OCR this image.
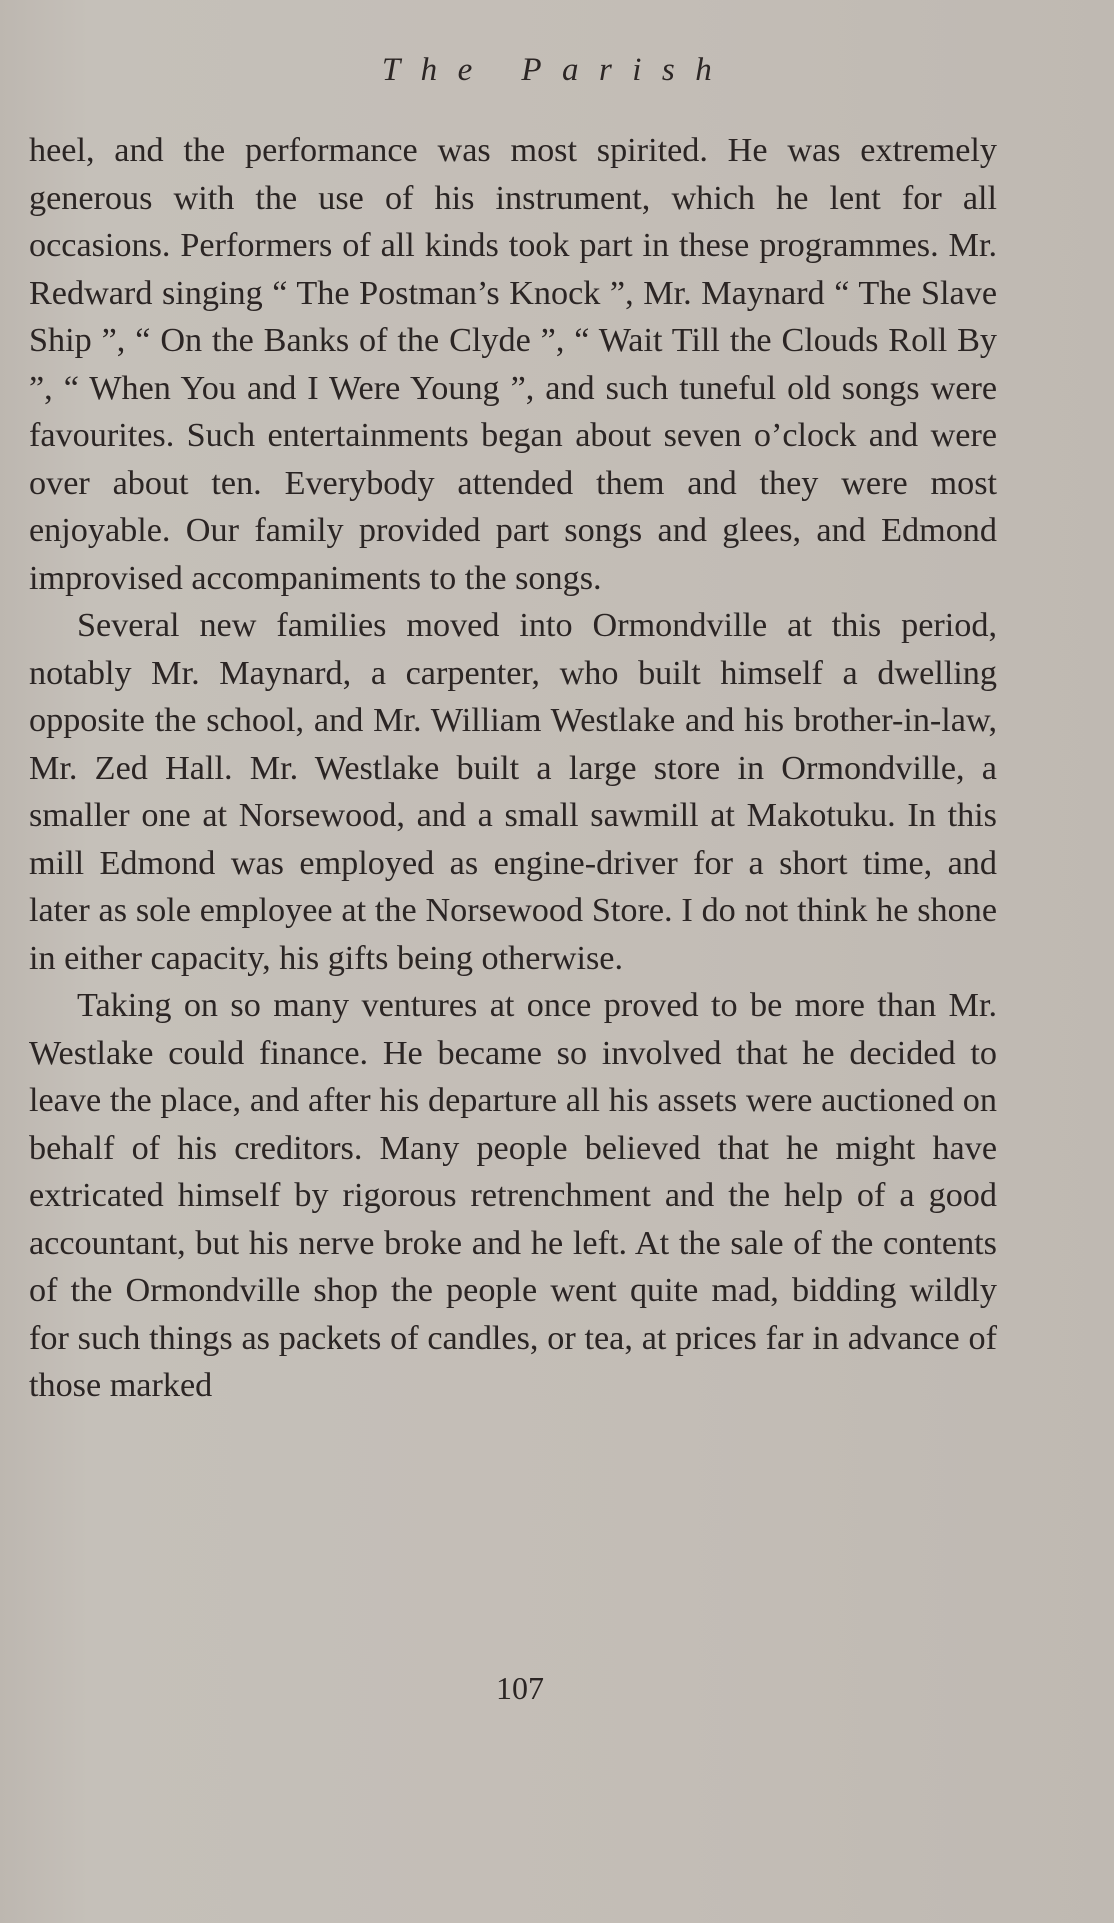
The Parish

heel, and the performance was most spirited. He was extremely generous with the use of his instrument, which he lent for all occasions. Performers of all kinds took part in these programmes. Mr. Redward singing “ The Postman’s Knock ”, Mr. Maynard “ The Slave Ship ”, “ On the Banks of the Clyde ”, “ Wait Till the Clouds Roll By ”, “ When You and I Were Young ”, and such tuneful old songs were favourites. Such entertainments began about seven o’clock and were over about ten. Everybody attended them and they were most enjoyable. Our family provided part songs and glees, and Edmond improvised accompaniments to the songs.

Several new families moved into Ormondville at this period, notably Mr. Maynard, a carpenter, who built himself a dwelling opposite the school, and Mr. William Westlake and his brother-in-law, Mr. Zed Hall. Mr. Westlake built a large store in Ormondville, a smaller one at Norsewood, and a small sawmill at Makotuku. In this mill Edmond was employed as engine-driver for a short time, and later as sole employee at the Norsewood Store. I do not think he shone in either capacity, his gifts being otherwise.

Taking on so many ventures at once proved to be more than Mr. Westlake could finance. He became so involved that he decided to leave the place, and after his departure all his assets were auctioned on behalf of his creditors. Many people believed that he might have extricated himself by rigorous retrenchment and the help of a good accountant, but his nerve broke and he left. At the sale of the contents of the Ormondville shop the people went quite mad, bidding wildly for such things as packets of candles, or tea, at prices far in advance of those marked

107
